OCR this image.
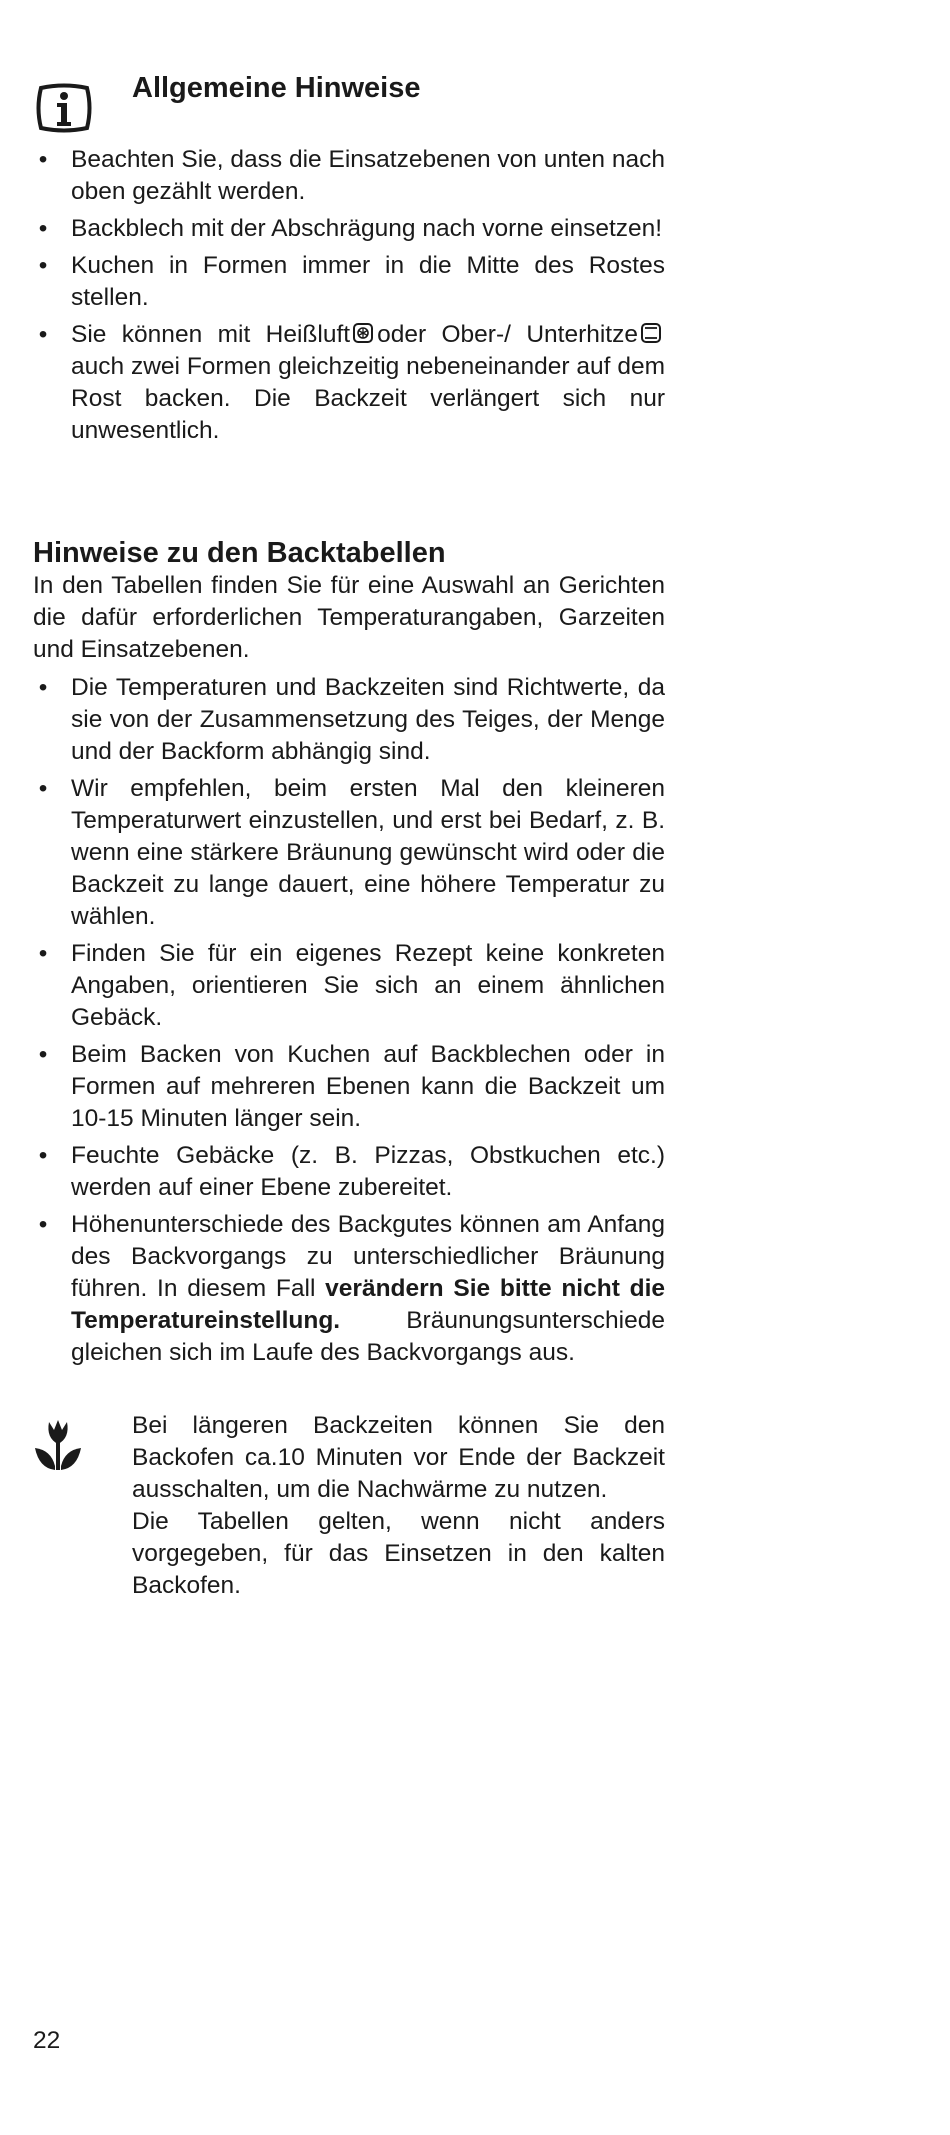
Allgemeine Hinweise
• Beachten Sie, dass die Einsatzebenen von unten nach oben gezählt werden.
• Backblech mit der Abschrägung nach vorne einsetzen!
• Kuchen in Formen immer in die Mitte des Rostes stellen.
• Sie können mit Heißluft oder Ober-/ Unterhitzeauch zwei Formen gleichzeitig nebeneinander auf dem Rost backen. Die Backzeit verlängert sich nur unwesentlich.
Hinweise zu den Backtabellen
In den Tabellen finden Sie für eine Auswahl an Gerichten die dafür erforderlichen Temperaturangaben, Garzeiten und Einsatzebenen.
• Die Temperaturen und Backzeiten sind Richtwerte, da sie von der Zusammensetzung des Teiges, der Menge und der Backform abhängig sind.
• Wir empfehlen, beim ersten Mal den kleineren Temperaturwert einzustellen, und erst bei Bedarf, z. B. wenn eine stärkere Bräunung gewünscht wird oder die Backzeit zu lange dauert, eine höhere Temperatur zu wählen.
• Finden Sie für ein eigenes Rezept keine konkreten Angaben, orientieren Sie sich an einem ähnlichen Gebäck.
• Beim Backen von Kuchen auf Backblechen oder in Formen auf mehreren Ebenen kann die Backzeit um 10-15 Minuten länger sein.
• Feuchte Gebäcke (z. B. Pizzas, Obstkuchen etc.) werden auf einer Ebene zubereitet.
• Höhenunterschiede des Backgutes können am Anfang des Backvorgangs zu unterschiedlicher Bräunung führen. In diesem Fall verändern Sie bitte nicht die Temperatureinstellung.	Bräunungsunterschiede gleichen sich im Laufe des Backvorgangs aus.

Bei längeren Backzeiten können Sie den Backofen ca.10 Minuten vor Ende der Backzeit ausschalten, um die Nachwärme zu nutzen.

Die Tabellen gelten, wenn nicht anders vorgegeben, für das Einsetzen in den kalten Backofen.

22
